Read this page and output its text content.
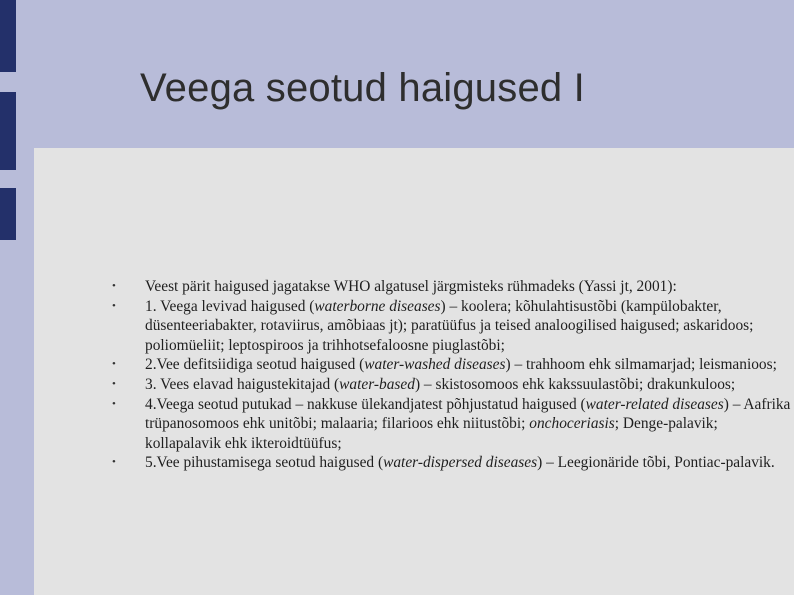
Veega seotud haigused I
• Veest pärit haigused jagatakse WHO algatusel järgmisteks rühmadeks (Yassi jt, 2001):
• 1. Veega levivad haigused (waterborne diseases) – koolera; kõhulahtisustõbi (kampülobakter, düsenteeriabakter, rotaviirus, amõbiaas jt); paratüüfus ja teised analoogilised haigused; askaridoos; poliomüeliit; leptospiroos ja trihhotsefaloosne piuglastõbi;
• 2.Vee defitsiidiga seotud haigused (water-washed diseases) – trahhoom ehk silmamarjad; leismanioos;
• 3. Vees elavad haigustekitajad (water-based) – skistosomoos ehk kakssuulastõbi; drakunkuloos;
• 4.Veega seotud putukad – nakkuse ülekandjatest põhjustatud haigused (water-related diseases) – Aafrika trüpanosomoos ehk unitõbi; malaaria; filarioos ehk niitustõbi; onchoceriasis; Denge-palavik; kollapalavik ehk ikteroidtüüfus;
• 5.Vee pihustamisega seotud haigused (water-dispersed diseases) – Leegionäride tõbi, Pontiac-palavik.
